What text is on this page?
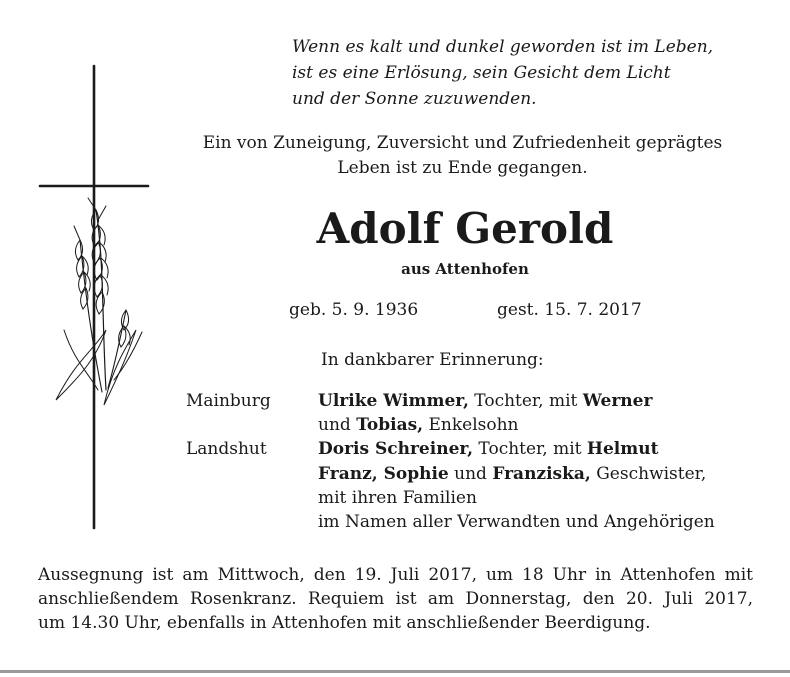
Wenn es kalt und dunkel geworden ist im Leben,
ist es eine Erlösung, sein Gesicht dem Licht
und der Sonne zuzuwenden.
Ein von Zuneigung, Zuversicht und Zufriedenheit geprägtes
Leben ist zu Ende gegangen.
Adolf Gerold
aus Attenhofen
geb. 5. 9. 1936	gest. 15. 7. 2017
In dankbarer Erinnerung:
Mainburg
Landshut
Ulrike Wimmer, Tochter, mit Werner
und Tobias, Enkelsohn
Doris Schreiner, Tochter, mit Helmut
Franz, Sophie und Franziska, Geschwister,
mit ihren Familien
im Namen aller Verwandten und Angehörigen
Aussegnung ist am Mittwoch, den 19. Juli 2017, um 18 Uhr in Attenhofen mit
anschließendem Rosenkranz. Requiem ist am Donnerstag, den 20. Juli 2017,
um 14.30 Uhr, ebenfalls in Attenhofen mit anschließender Beerdigung.
